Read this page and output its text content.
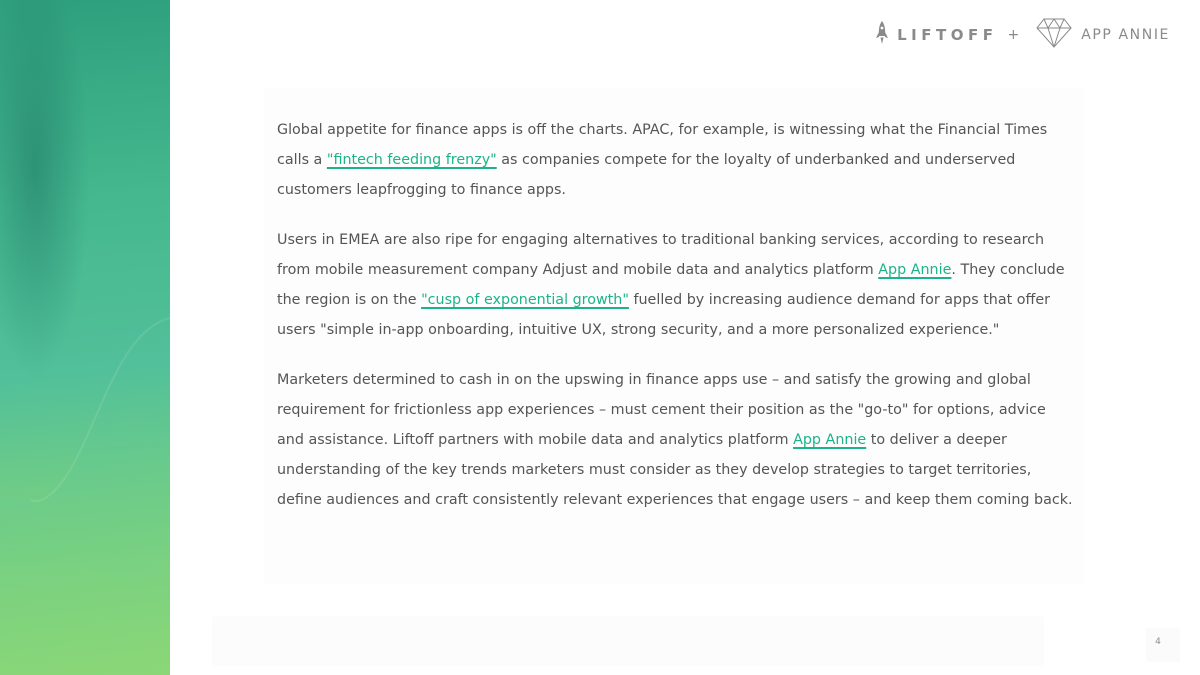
LIFTOFF +	APP ANNIE

Global appetite for finance apps is off the charts. APAC, for example, is witnessing what the Financial Times calls a "fintech feeding frenzy" as companies compete for the loyalty of underbanked and underserved customers leapfrogging to finance apps.

Users in EMEA are also ripe for engaging alternatives to traditional banking services, according to research from mobile measurement company Adjust and mobile data and analytics platform App Annie. They conclude the region is on the "cusp of exponential growth" fuelled by increasing audience demand for apps that offer users "simple in-app onboarding, intuitive UX, strong security, and a more personalized experience."

Marketers determined to cash in on the upswing in finance apps use – and satisfy the growing and global requirement for frictionless app experiences – must cement their position as the "go-to" for options, advice and assistance. Liftoff partners with mobile data and analytics platform App Annie to deliver a deeper understanding of the key trends marketers must consider as they develop strategies to target territories, define audiences and craft consistently relevant experiences that engage users – and keep them coming back.

4
